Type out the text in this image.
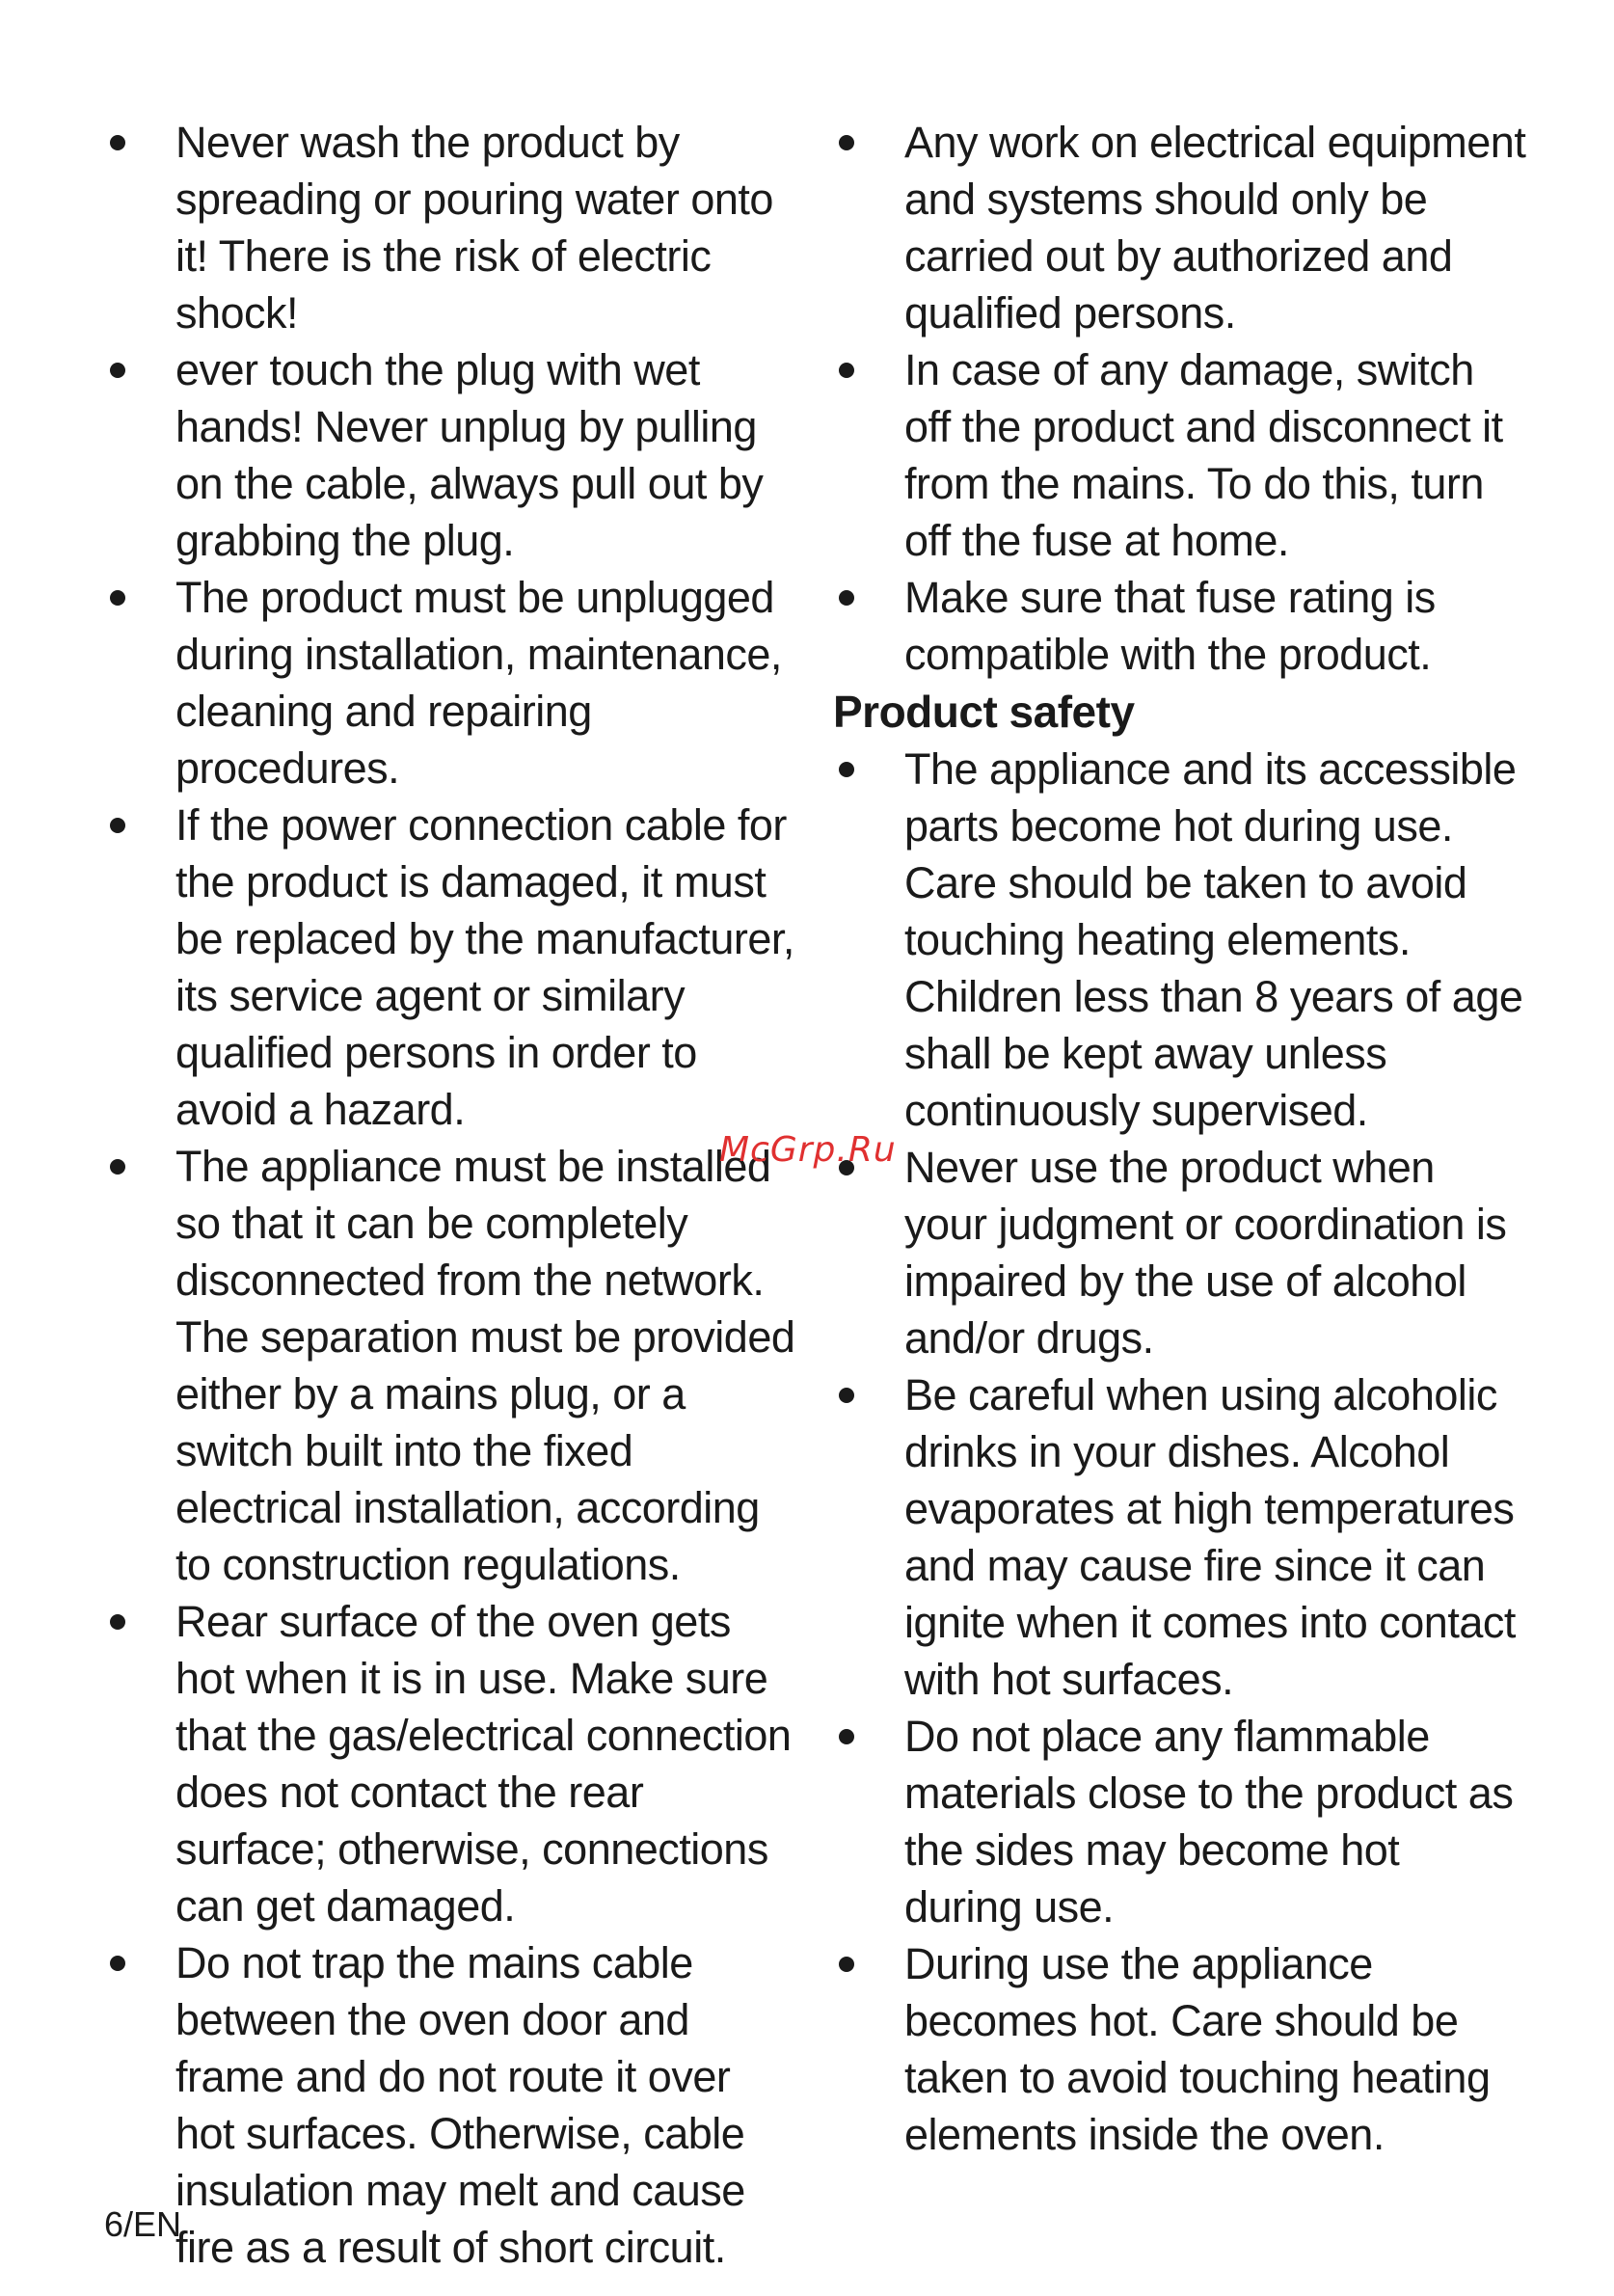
Never wash the product by spreading or pouring water onto it! There is the risk of electric shock!
ever touch the plug with wet hands! Never unplug by pulling on the cable, always pull out by grabbing the plug.
The product must be unplugged during installation, maintenance, cleaning and repairing procedures.
If the power connection cable for the product is damaged, it must be replaced by the manufacturer, its service agent or similary qualified persons in order to avoid a hazard.
The appliance must be installed so that it can be completely disconnected from the network. The separation must be provided either by a mains plug, or a switch built into the fixed electrical installation, according to construction regulations.
Rear surface of the oven gets hot when it is in use. Make sure that the gas/electrical connection does not contact the rear surface; otherwise, connections can get damaged.
Do not trap the mains cable between the oven door and frame and do not route it over hot surfaces. Otherwise, cable insulation may melt and cause fire as a result of short circuit.
Any work on electrical equipment and systems should only be carried out by authorized and qualified persons.
In case of any damage, switch off the product and disconnect it from the mains. To do this, turn off the fuse at home.
Make sure that fuse rating is compatible with the product.
Product safety
The appliance and its accessible parts become hot during use. Care should be taken to avoid touching heating elements. Children less than 8 years of age shall be kept away unless continuously supervised.
Never use the product when your judgment or coordination is impaired by the use of alcohol and/or drugs.
Be careful when using alcoholic drinks in your dishes. Alcohol evaporates at high temperatures and may cause fire since it can ignite when it comes into contact with hot surfaces.
Do not place any flammable materials close to the product as the sides may become hot during use.
During use the appliance becomes hot. Care should be taken to avoid touching heating elements inside the oven.
McGrp.Ru
6/EN
